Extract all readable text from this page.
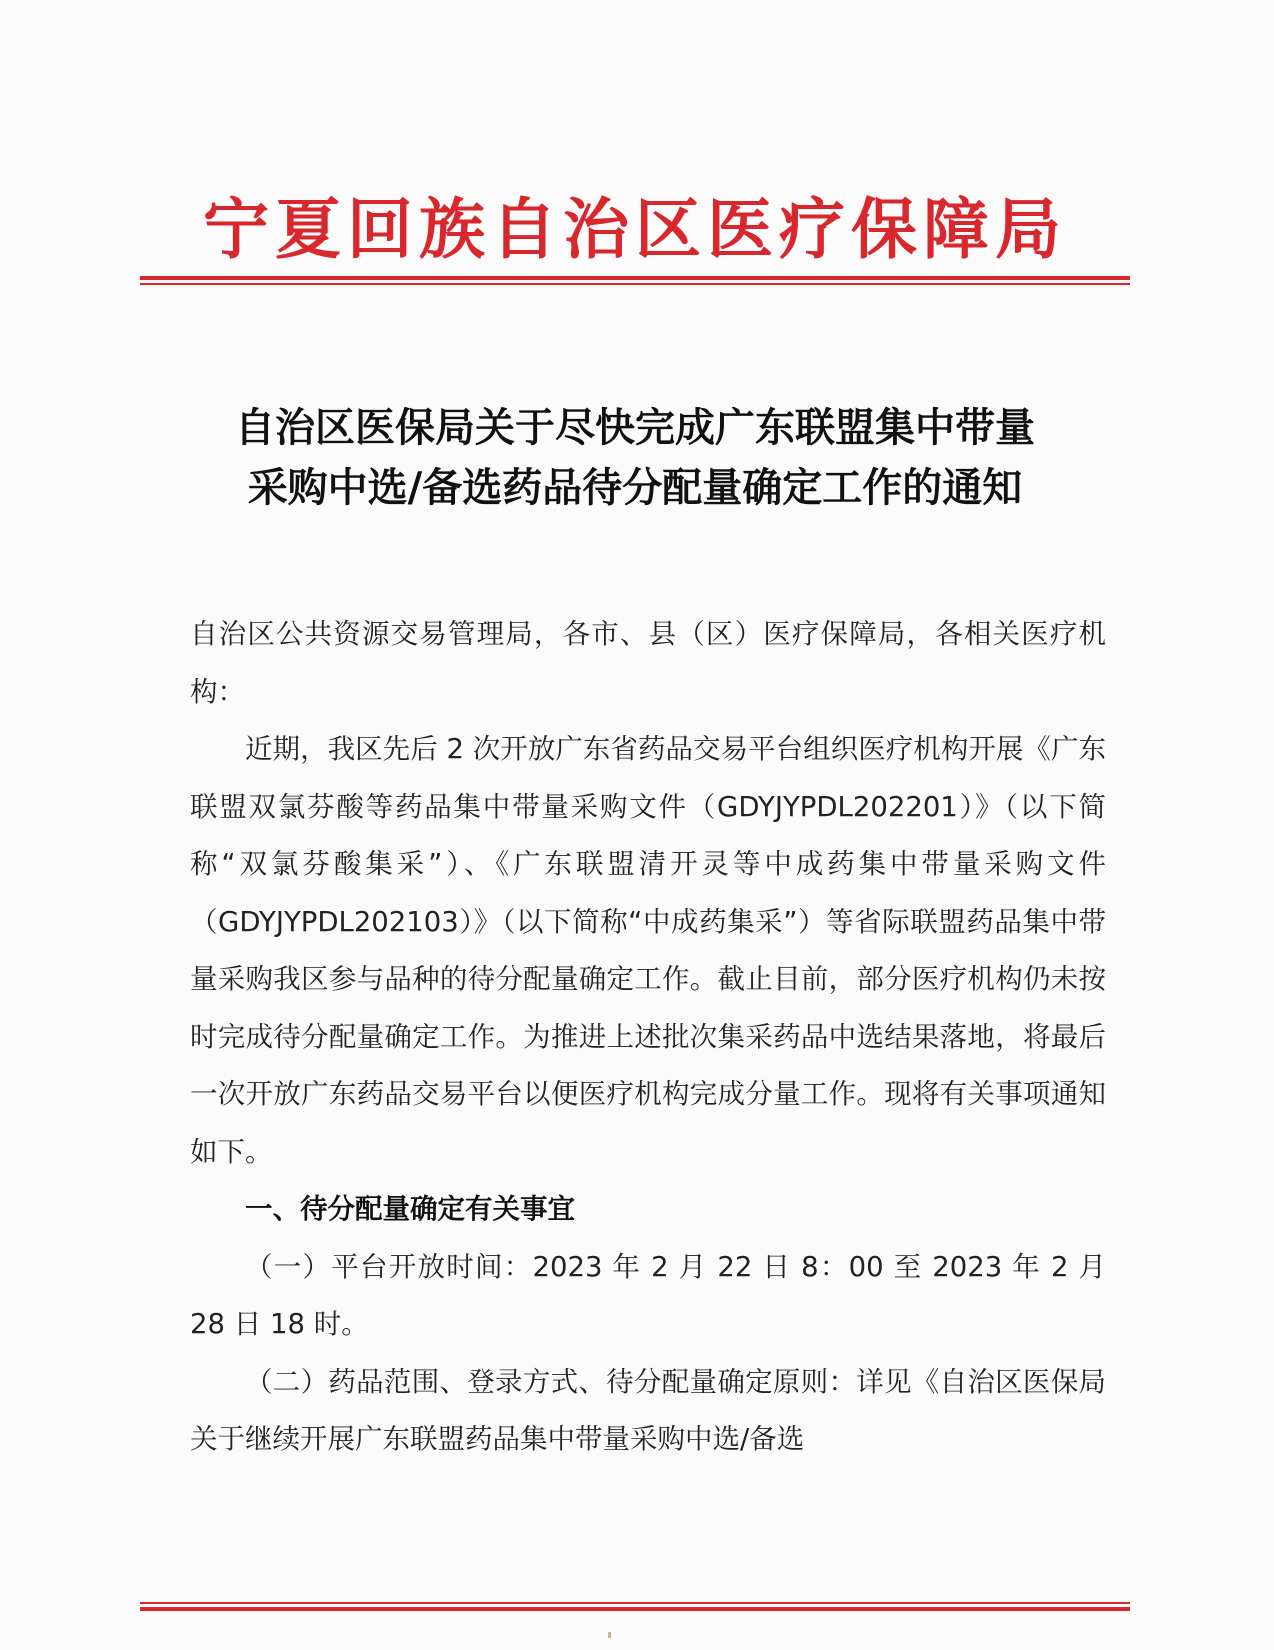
宁夏回族自治区医疗保障局
自治区医保局关于尽快完成广东联盟集中带量
采购中选/备选药品待分配量确定工作的通知

自治区公共资源交易管理局，各市、县（区）医疗保障局，各相关医疗机构：

近期，我区先后 2 次开放广东省药品交易平台组织医疗机构开展《广东联盟双氯芬酸等药品集中带量采购文件（GDYJYPDL202201）》（以下简称“双氯芬酸集采”）、《广东联盟清开灵等中成药集中带量采购文件（GDYJYPDL202103）》（以下简称“中成药集采”）等省际联盟药品集中带量采购我区参与品种的待分配量确定工作。截止目前，部分医疗机构仍未按时完成待分配量确定工作。为推进上述批次集采药品中选结果落地，将最后一次开放广东药品交易平台以便医疗机构完成分量工作。现将有关事项通知如下。

一、待分配量确定有关事宜

（一）平台开放时间：2023 年 2 月 22 日 8：00 至 2023 年 2 月 28 日 18 时。

（二）药品范围、登录方式、待分配量确定原则：详见《自治区医保局关于继续开展广东联盟药品集中带量采购中选/备选
